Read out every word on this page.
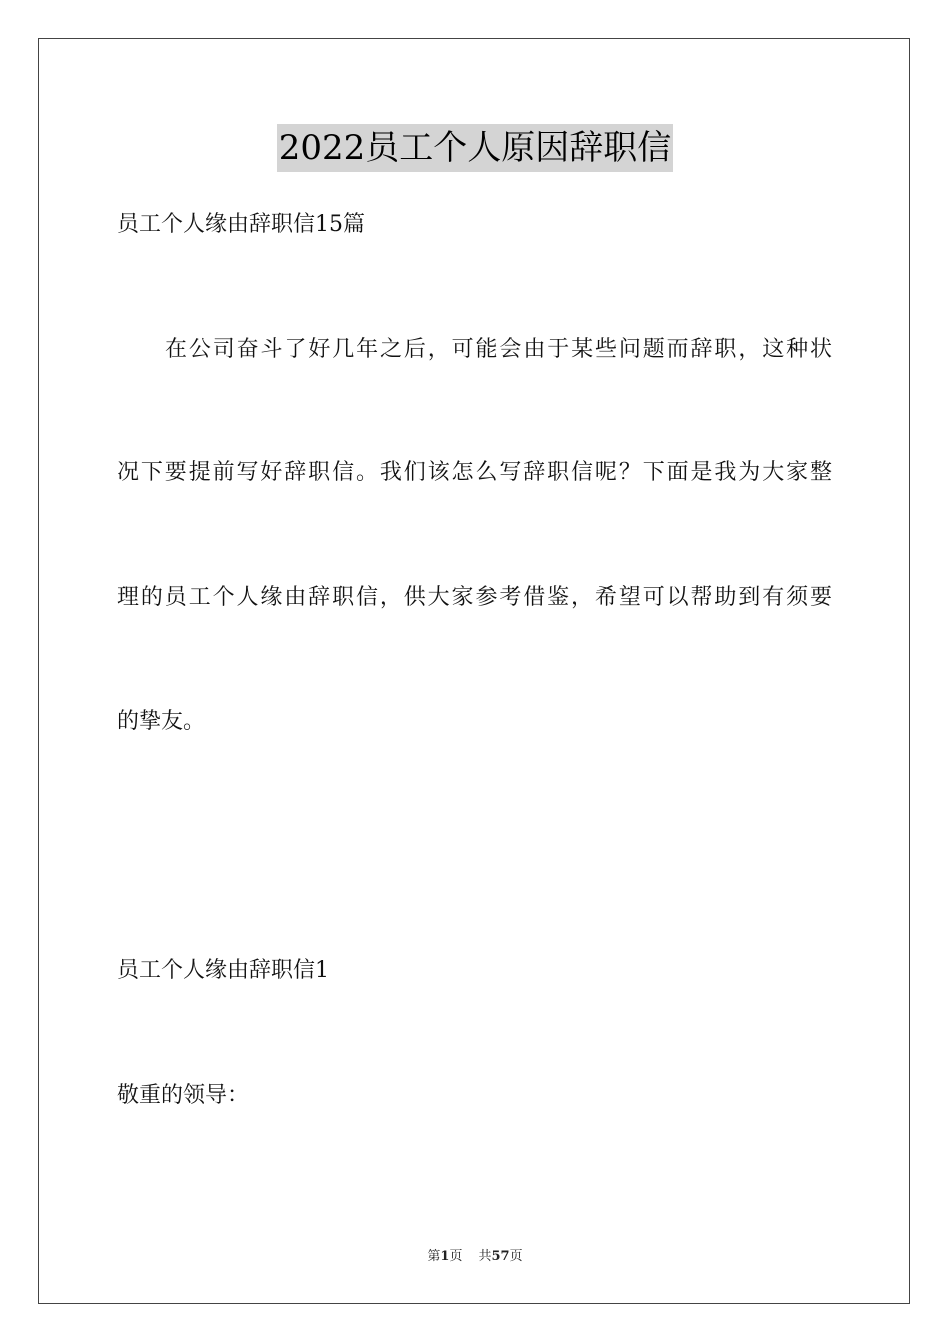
2022员工个人原因辞职信
员工个人缘由辞职信15篇
在公司奋斗了好几年之后，可能会由于某些问题而辞职，这种状
况下要提前写好辞职信。我们该怎么写辞职信呢？下面是我为大家整
理的员工个人缘由辞职信，供大家参考借鉴，希望可以帮助到有须要
的挚友。
员工个人缘由辞职信1
敬重的领导：
第1页 共57页
